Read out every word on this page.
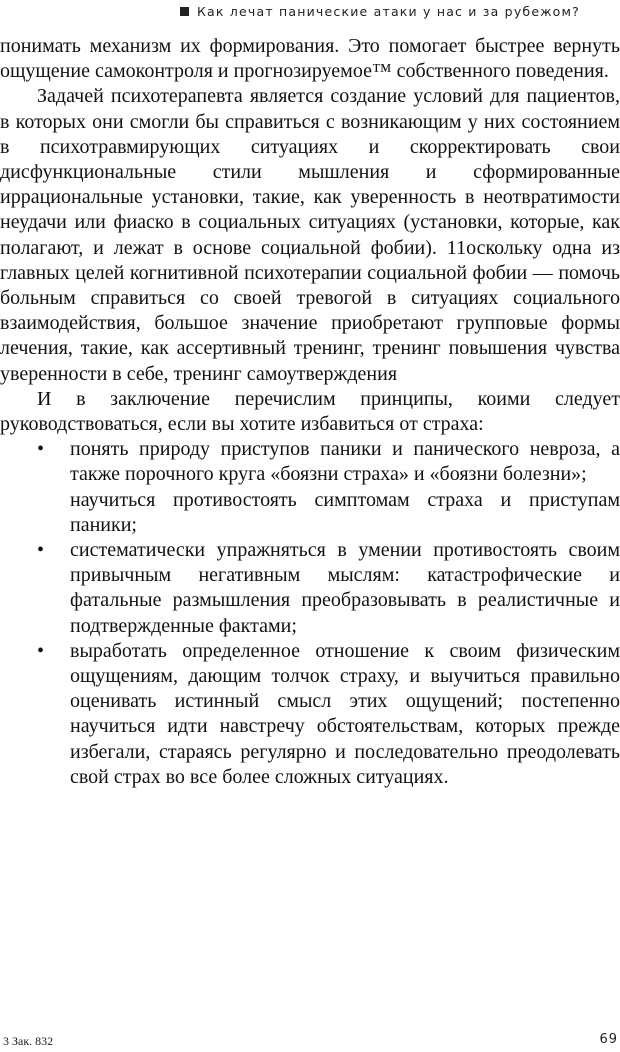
Как лечат панические атаки у нас и за рубежом?

понимать механизм их формирования. Это помогает быстрее вернуть ощущение самоконтроля и прогнозируемое™ собственного поведения.

Задачей психотерапевта является создание условий для пациентов, в которых они смогли бы справиться с возникающим у них состоянием в психотравмирующих ситуациях и скорректировать свои дисфункциональные стили мышления и сформированные иррациональные установки, такие, как уверенность в неотвратимости неудачи или фиаско в социальных ситуациях (установки, которые, как полагают, и лежат в основе социальной фобии). 11оскольку одна из главных целей когнитивной психотерапии социальной фобии — помочь больным справиться со своей тревогой в ситуациях социального взаимодействия, большое значение приобретают групповые формы лечения, такие, как ассертивный тренинг, тренинг повышения чувства уверенности в себе, тренинг самоутверждения

И в заключение перечислим принципы, коими следует руководствоваться, если вы хотите избавиться от страха:

• понять природу приступов паники и панического невроза, а также порочного круга «боязни страха» и «боязни болезни»;
научиться противостоять симптомам страха и приступам паники;
• систематически упражняться в умении противостоять своим привычным негативным мыслям: катастрофические и фатальные размышления преобразовывать в реалистичные и подтвержденные фактами;
• выработать определенное отношение к своим физическим ощущениям, дающим толчок страху, и выучиться правильно оценивать истинный смысл этих ощущений; постепенно научиться идти навстречу обстоятельствам, которых прежде избегали, стараясь регулярно и последовательно преодолевать свой страх во все более сложных ситуациях.
3 Зак. 832	69
